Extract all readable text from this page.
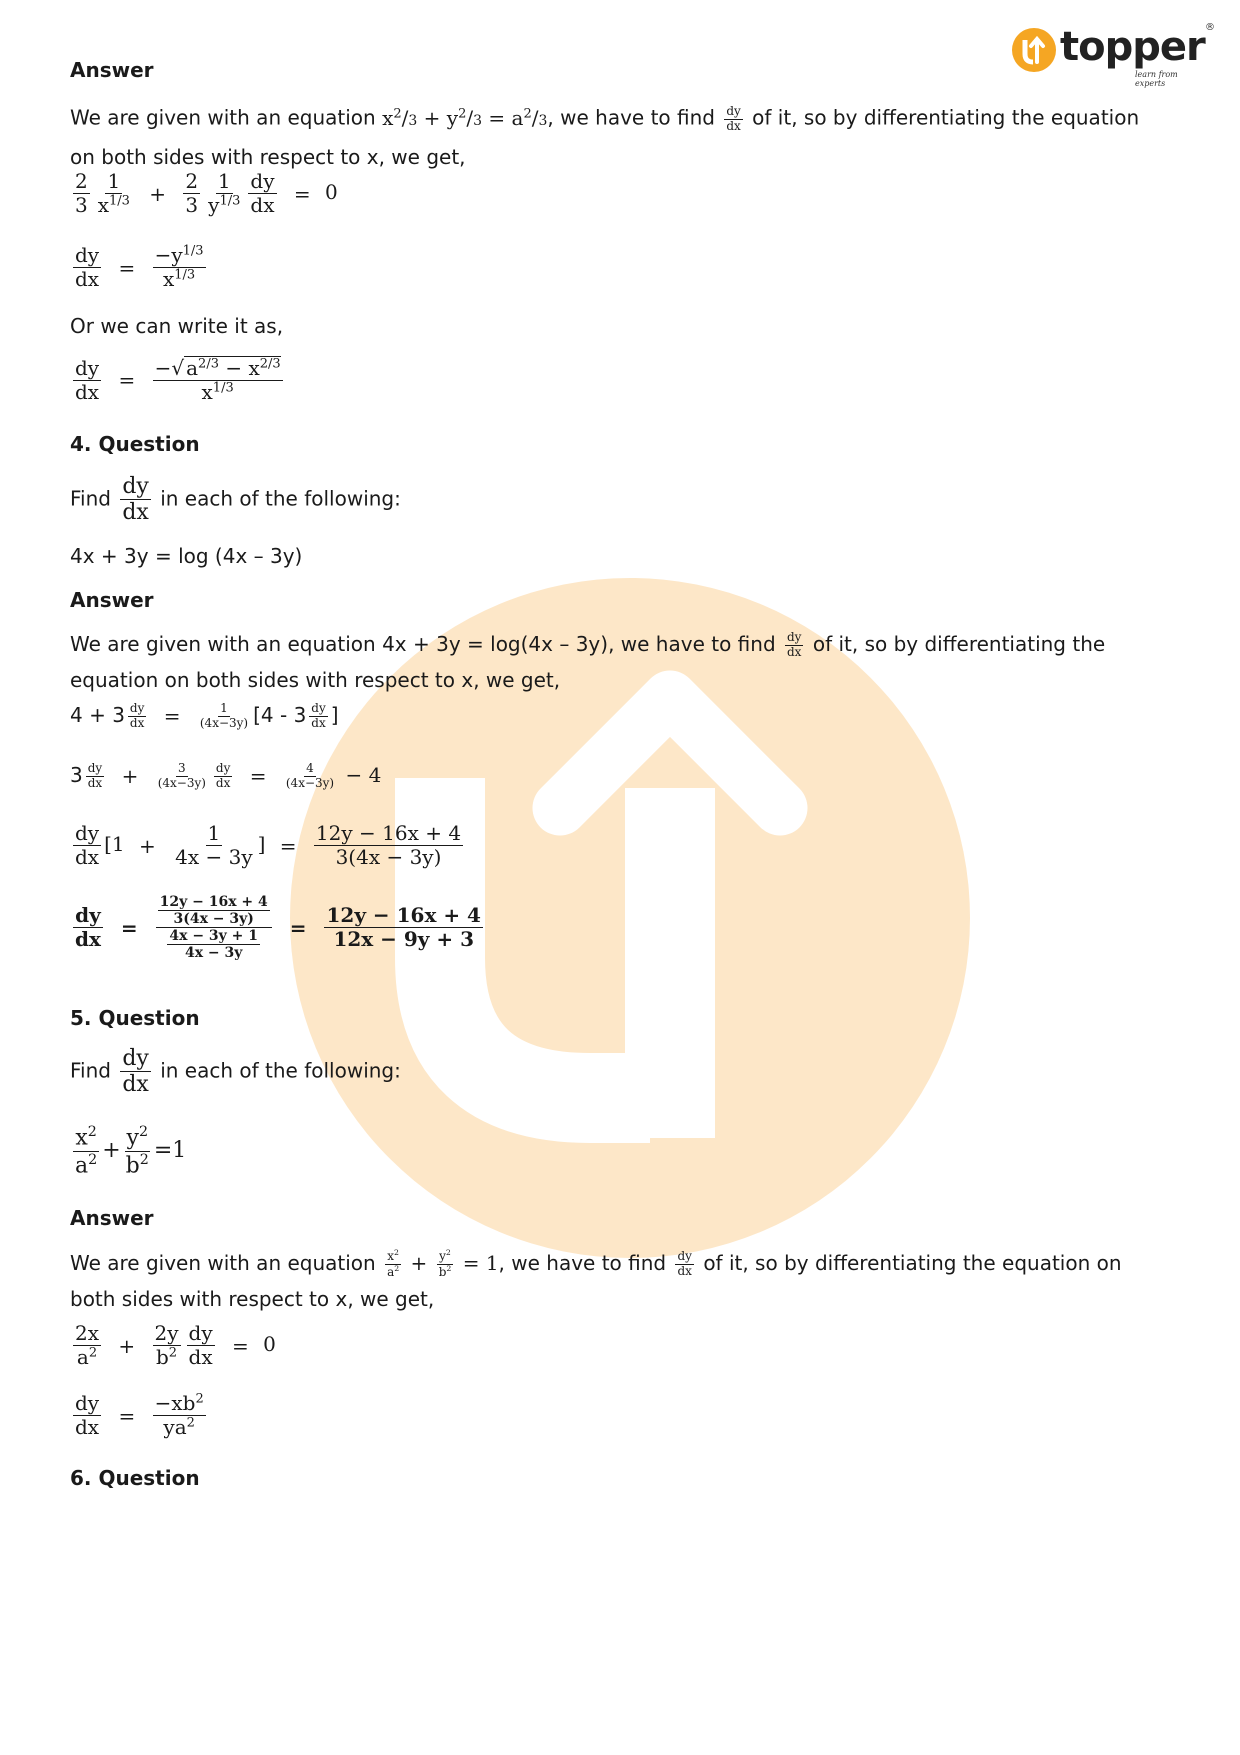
®
topper
learn from experts
Answer
We are given with an equation $x^2/3 + y^2/3 = a^2/3$, we have to find $\frac{dy}{dx}$ of it, so by differentiating the equation
on both sides with respect to x, we get,
$\frac{2}{3} \frac{1}{x^{1/3}} + \frac{2}{3} \frac{1}{y^{1/3}} \frac{dy}{dx} = 0$
$\frac{dy}{dx} = \frac{-y^{1/3}}{x^{1/3}}$
Or we can write it as,
$\frac{dy}{dx} = \frac{-√ a^{2/3} - x^{2/3}}{x^{1/3}}$
4. Question
Find $\frac{dy}{dx}$ in each of the following:
4x + 3y = log (4x – 3y)
Answer
We are given with an equation 4x + 3y = log(4x – 3y), we have to find $\frac{dy}{dx}$ of it, so by differentiating the
equation on both sides with respect to x, we get,
$4 + 3 \frac{dy}{dx} = \frac{1}{(4x-3y)} [4 - 3 \frac{dy}{dx}$ ]
$3 \frac{dy}{dx} + \frac{3}{(4x-3y)} \frac{dy}{dx} = \frac{4}{(4x-3y)} - 4$
$\frac{dy}{dx} [1 + \frac{1}{4x - 3y}$ ] = $\frac{12y - 16x + 4}{3(4x - 3y)}$
$\frac{dy}{dx} = \frac{\frac{12y - 16x + 4}{3(4x - 3y)}}{\frac{4x - 3y + 1}{4x - 3y}} = \frac{12y - 16x + 4}{12x - 9y + 3}$
5. Question
Find $\frac{dy}{dx}$ in each of the following:
$\frac{x^2}{a^2} + \frac{y^2}{b^2} =1$
Answer
We are given with an equation $\frac{x^2}{a^2} + \frac{y^2}{b^2} = 1$, we have to find $\frac{dy}{dx}$ of it, so by differentiating the equation on
both sides with respect to x, we get,
$\frac{2x}{a^2} + \frac{2y}{b^2} \frac{dy}{dx} = 0$
$\frac{dy}{dx} = \frac{-xb^2}{ya^2}$
6. Question
